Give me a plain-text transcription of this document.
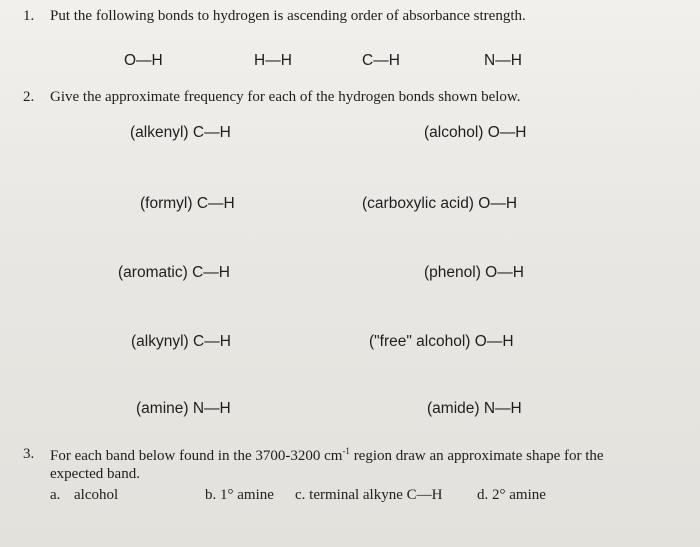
1. Put the following bonds to hydrogen is ascending order of absorbance strength.
O—H	H—H	C—H	N—H
2. Give the approximate frequency for each of the hydrogen bonds shown below.
(alkenyl) C—H	(alcohol) O—H
(formyl) C—H	(carboxylic acid) O—H
(aromatic) C—H	(phenol) O—H
(alkynyl) C—H	("free" alcohol) O—H
(amine) N—H	(amide) N—H
3. For each band below found in the 3700-3200 $cm^{-1}$ region draw an approximate shape for the
expected band.
a. alcohol	b. 1° amine c. terminal alkyne C—H d. 2° amine
